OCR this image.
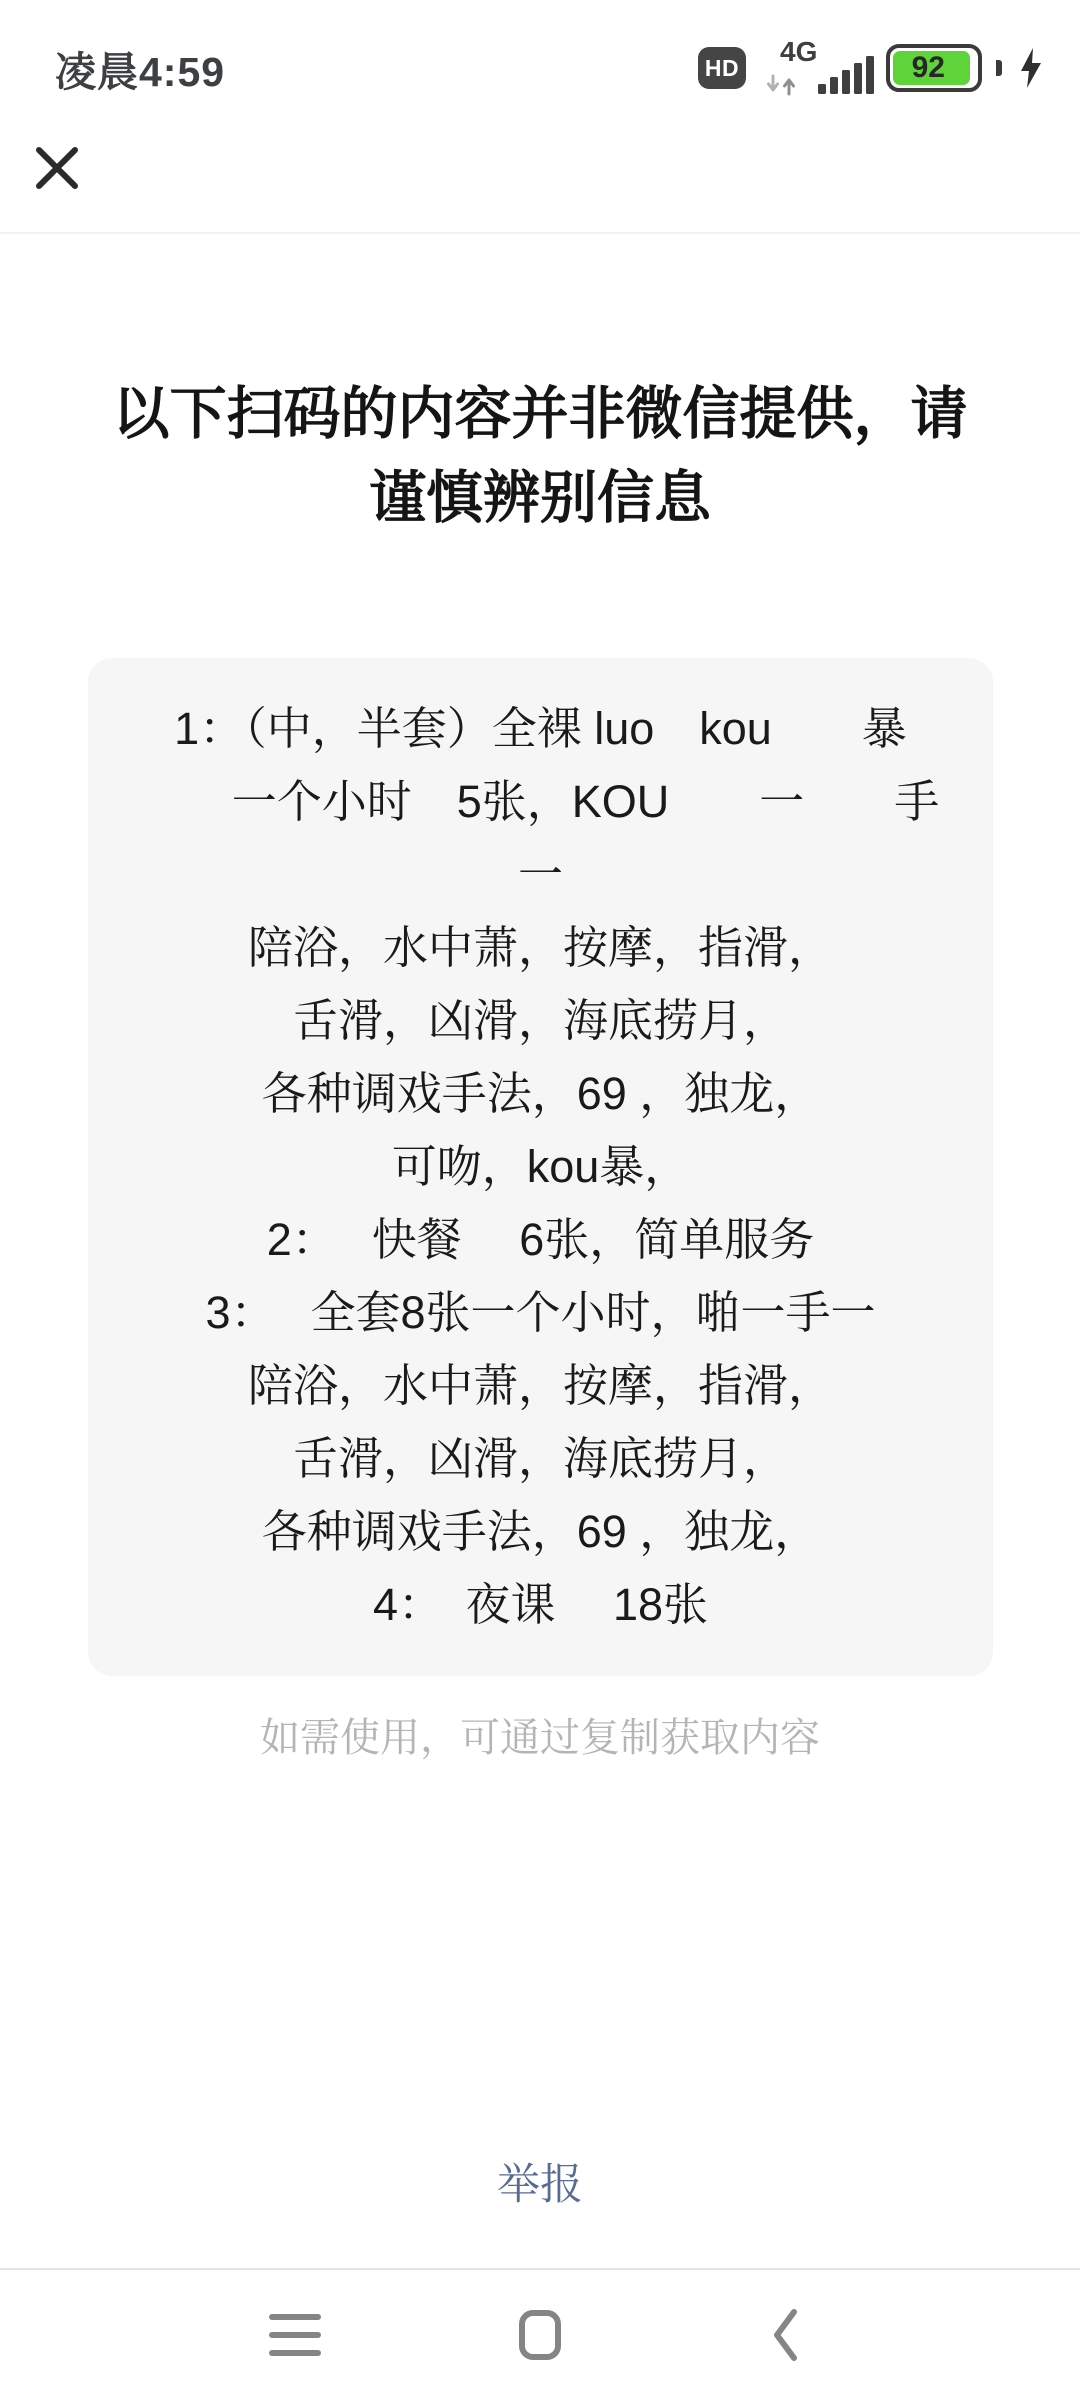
凌晨4:59	HD
4G	92
以下扫码的内容并非微信提供，请谨慎辨别信息
1：（中，半套）全裸 luo　kou　　暴
　　一个小时　5张，KOU　　一　　手
一
陪浴，水中萧，按摩，指滑，
舌滑，凶滑，海底捞月，
各种调戏手法，69 ，独龙，
可吻，kou暴，
2：　 快餐　 6张，简单服务
3：　 全套8张一个小时，啪一手一
陪浴，水中萧，按摩，指滑，
舌滑，凶滑，海底捞月，
各种调戏手法，69 ，独龙，
4：　夜课　 18张
如需使用，可通过复制获取内容
举报
